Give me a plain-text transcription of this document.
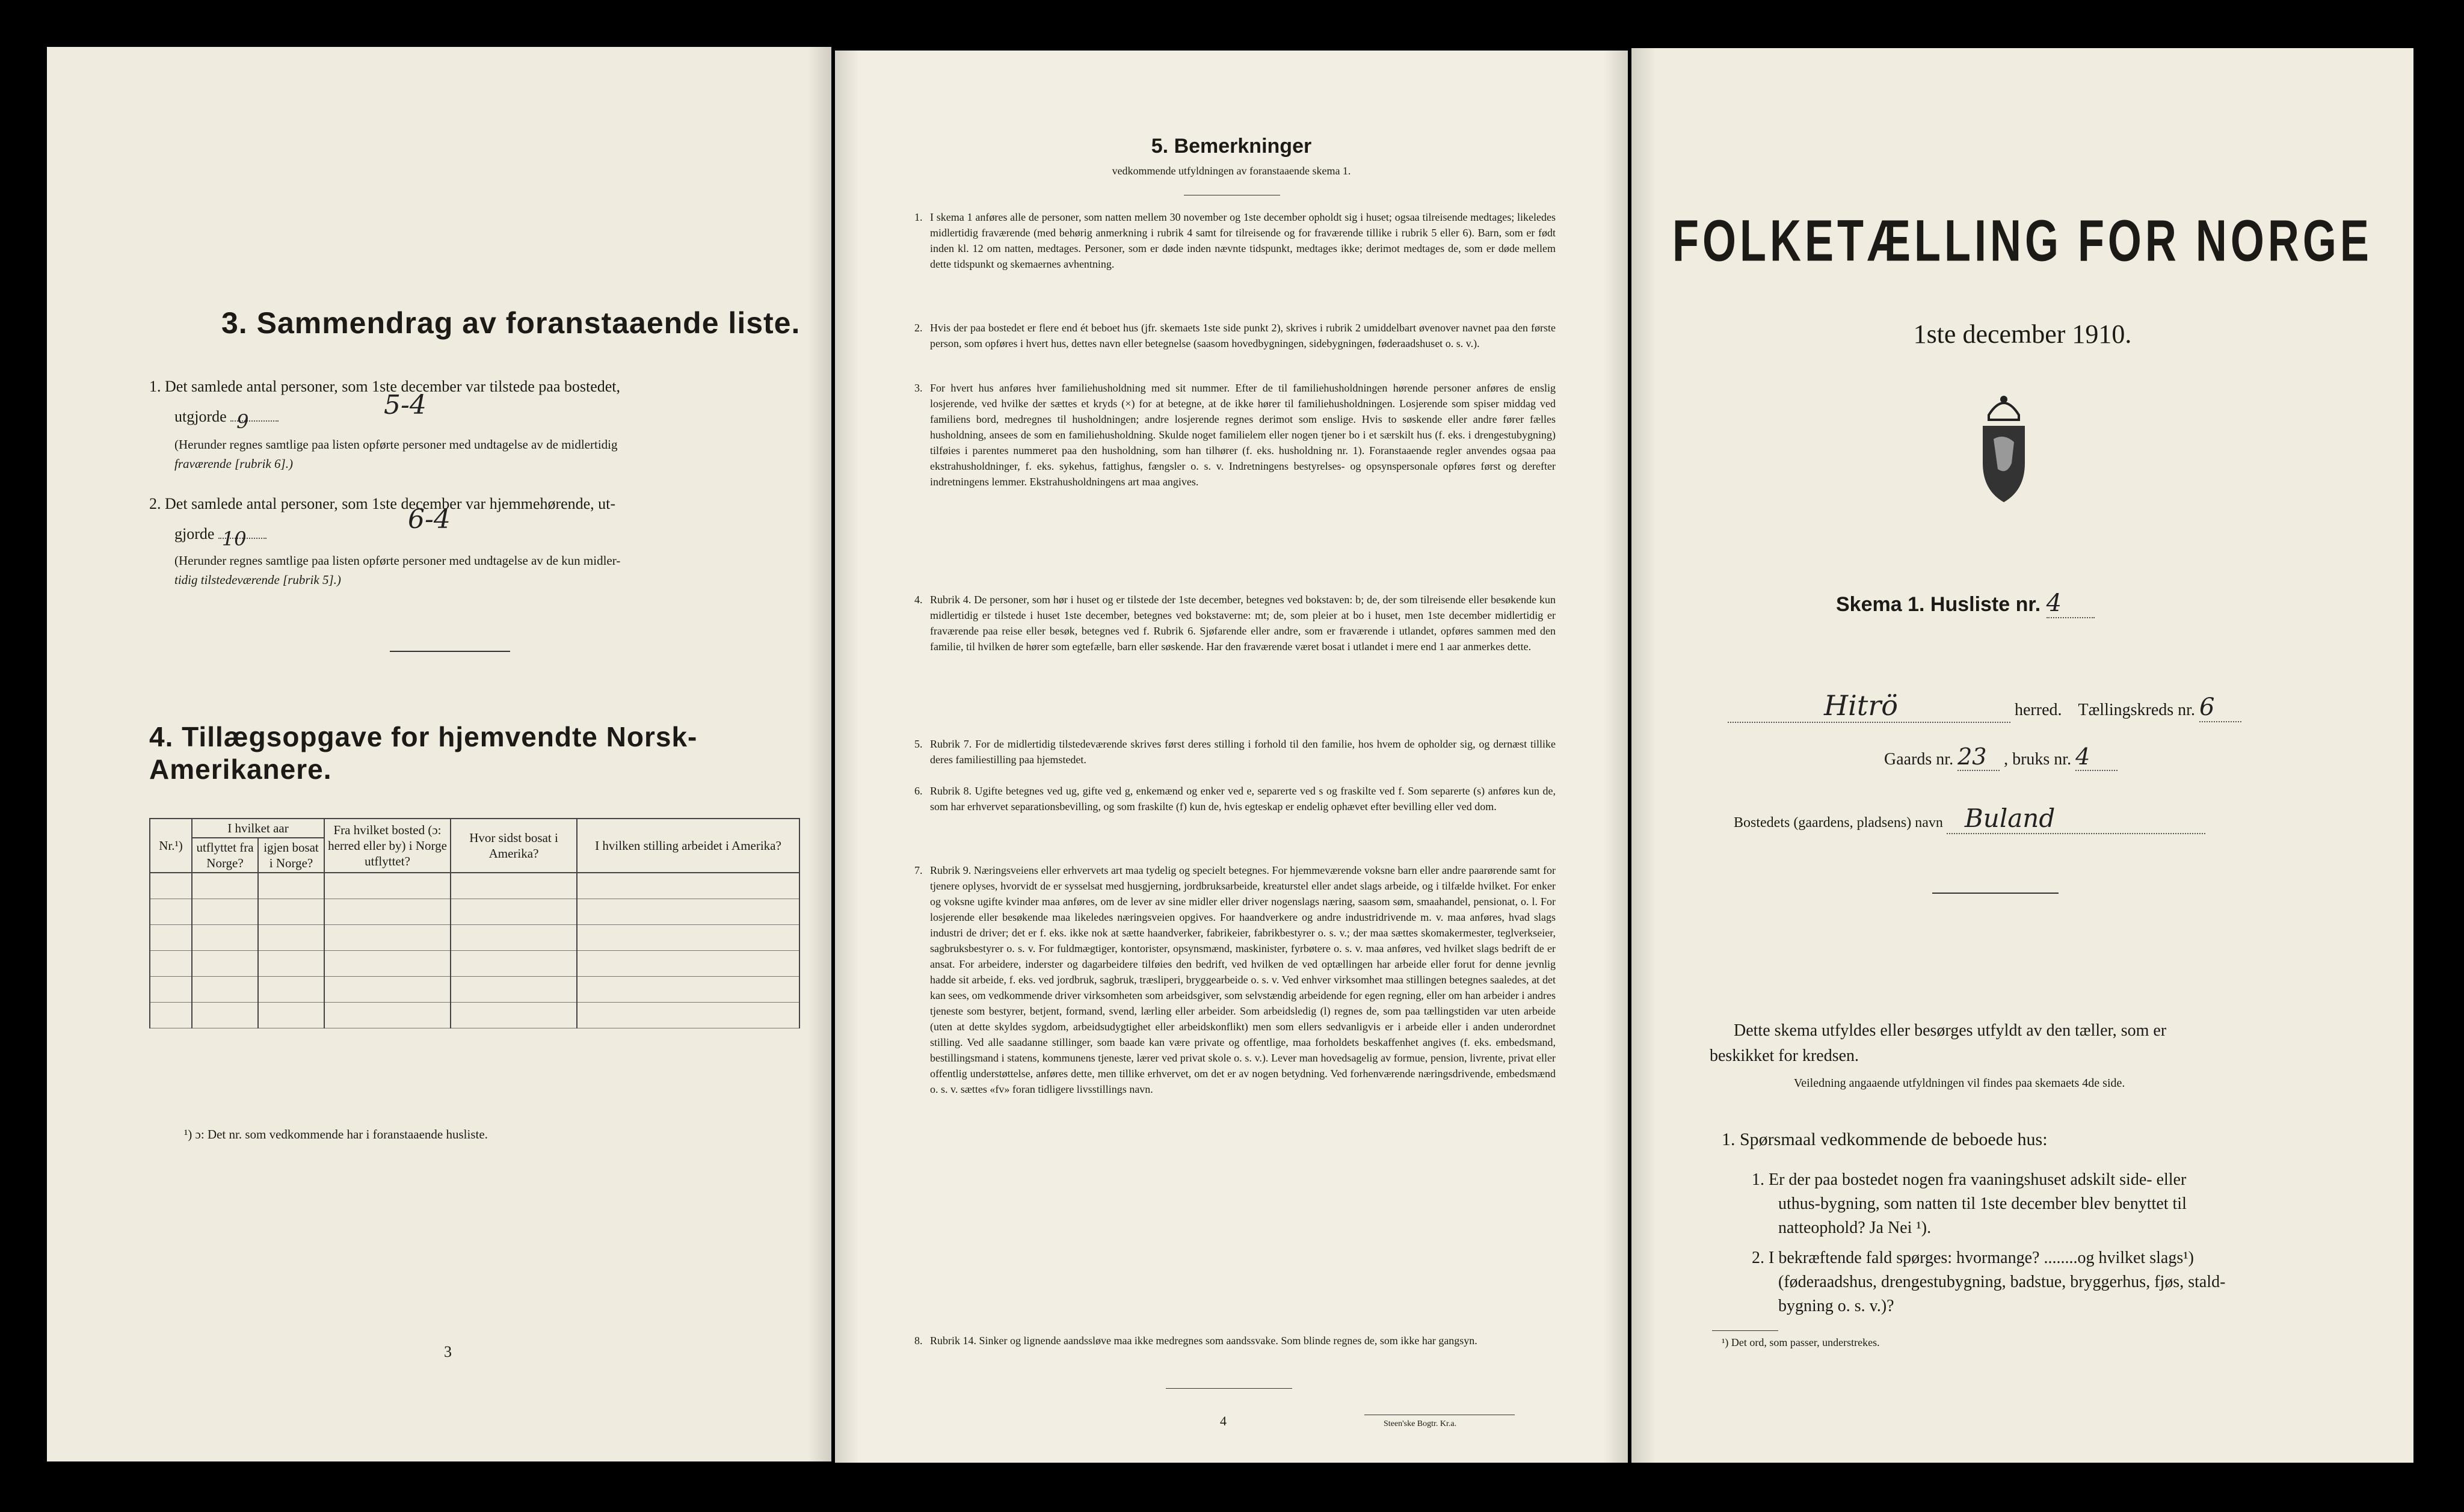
3. Sammendrag av foranstaaende liste.
1. Det samlede antal personer, som 1ste december var tilstede paa bostedet,
utgjorde 9
5-4
(Herunder regnes samtlige paa listen opførte personer med undtagelse av de midlertidig
fraværende [rubrik 6].)
2. Det samlede antal personer, som 1ste december var hjemmehørende, ut-
gjorde 10
6-4
(Herunder regnes samtlige paa listen opførte personer med undtagelse av de kun midler-
tidig tilstedeværende [rubrik 5].)
4. Tillægsopgave for hjemvendte Norsk-Amerikanere.
Nr.¹)	I hvilket aar		Fra hvilket bosted (ɔ: herred eller by) i Norge utflyttet?	Hvor sidst bosat i Amerika?	I hvilken stilling arbeidet i Amerika?
	utflyttet fra Norge?	igjen bosat i Norge?			

¹) ɔ: Det nr. som vedkommende har i foranstaaende husliste.
3
5. Bemerkninger
vedkommende utfyldningen av foranstaaende skema 1.
1. I skema 1 anføres alle de personer, som natten mellem 30 november og 1ste december opholdt sig i huset; ogsaa tilreisende medtages; likeledes midlertidig fraværende (med behørig anmerkning i rubrik 4 samt for tilreisende og for fraværende tillike i rubrik 5 eller 6). Barn, som er født inden kl. 12 om natten, medtages. Personer, som er døde inden nævnte tidspunkt, medtages ikke; derimot medtages de, som er døde mellem dette tidspunkt og skemaernes avhentning.
2. Hvis der paa bostedet er flere end ét beboet hus (jfr. skemaets 1ste side punkt 2), skrives i rubrik 2 umiddelbart øvenover navnet paa den første person, som opføres i hvert hus, dettes navn eller betegnelse (saasom hovedbygningen, sidebygningen, føderaadshuset o. s. v.).
3. For hvert hus anføres hver familiehusholdning med sit nummer. Efter de til familiehusholdningen hørende personer anføres de enslig losjerende, ved hvilke der sættes et kryds (×) for at betegne, at de ikke hører til familiehusholdningen. Losjerende som spiser middag ved familiens bord, medregnes til husholdningen; andre losjerende regnes derimot som enslige. Hvis to søskende eller andre fører fælles husholdning, ansees de som en familiehusholdning. Skulde noget familielem eller nogen tjener bo i et særskilt hus (f. eks. i drengestubygning) tilføies i parentes nummeret paa den husholdning, som han tilhører (f. eks. husholdning nr. 1). Foranstaaende regler anvendes ogsaa paa ekstrahusholdninger, f. eks. sykehus, fattighus, fængsler o. s. v. Indretningens bestyrelses- og opsynspersonale opføres først og derefter indretningens lemmer. Ekstrahusholdningens art maa angives.
4. Rubrik 4. De personer, som hør i huset og er tilstede der 1ste december, betegnes ved bokstaven: b; de, der som tilreisende eller besøkende kun midlertidig er tilstede i huset 1ste december, betegnes ved bokstaverne: mt; de, som pleier at bo i huset, men 1ste december midlertidig er fraværende paa reise eller besøk, betegnes ved f. Rubrik 6. Sjøfarende eller andre, som er fraværende i utlandet, opføres sammen med den familie, til hvilken de hører som egtefælle, barn eller søskende. Har den fraværende været bosat i utlandet i mere end 1 aar anmerkes dette.
5. Rubrik 7. For de midlertidig tilstedeværende skrives først deres stilling i forhold til den familie, hos hvem de opholder sig, og dernæst tillike deres familiestilling paa hjemstedet.
6. Rubrik 8. Ugifte betegnes ved ug, gifte ved g, enkemænd og enker ved e, separerte ved s og fraskilte ved f. Som separerte (s) anføres kun de, som har erhvervet separationsbevilling, og som fraskilte (f) kun de, hvis egteskap er endelig ophævet efter bevilling eller ved dom.
7. Rubrik 9. Næringsveiens eller erhvervets art maa tydelig og specielt betegnes. For hjemmeværende voksne barn eller andre paarørende samt for tjenere oplyses, hvorvidt de er sysselsat med husgjerning, jordbruksarbeide, kreaturstel eller andet slags arbeide, og i tilfælde hvilket. For enker og voksne ugifte kvinder maa anføres, om de lever av sine midler eller driver nogenslags næring, saasom søm, smaahandel, pensionat, o. l. For losjerende eller besøkende maa likeledes næringsveien opgives. For haandverkere og andre industridrivende m. v. maa anføres, hvad slags industri de driver; det er f. eks. ikke nok at sætte haandverker, fabrikeier, fabrikbestyrer o. s. v.; der maa sættes skomakermester, teglverkseier, sagbruksbestyrer o. s. v. For fuldmægtiger, kontorister, opsynsmænd, maskinister, fyrbøtere o. s. v. maa anføres, ved hvilket slags bedrift de er ansat. For arbeidere, inderster og dagarbeidere tilføies den bedrift, ved hvilken de ved optællingen har arbeide eller forut for denne jevnlig hadde sit arbeide, f. eks. ved jordbruk, sagbruk, træsliperi, bryggearbeide o. s. v. Ved enhver virksomhet maa stillingen betegnes saaledes, at det kan sees, om vedkommende driver virksomheten som arbeidsgiver, som selvstændig arbeidende for egen regning, eller om han arbeider i andres tjeneste som bestyrer, betjent, formand, svend, lærling eller arbeider. Som arbeidsledig (l) regnes de, som paa tællingstiden var uten arbeide (uten at dette skyldes sygdom, arbeidsudygtighet eller arbeidskonflikt) men som ellers sedvanligvis er i arbeide eller i anden underordnet stilling. Ved alle saadanne stillinger, som baade kan være private og offentlige, maa forholdets beskaffenhet angives (f. eks. embedsmand, bestillingsmand i statens, kommunens tjeneste, lærer ved privat skole o. s. v.). Lever man hovedsagelig av formue, pension, livrente, privat eller offentlig understøttelse, anføres dette, men tillike erhvervet, om det er av nogen betydning. Ved forhenværende næringsdrivende, embedsmænd o. s. v. sættes «fv» foran tidligere livsstillings navn.
8. Rubrik 14. Sinker og lignende aandssløve maa ikke medregnes som aandssvake. Som blinde regnes de, som ikke har gangsyn.
4	Steen'ske Bogtr. Kr.a.
FOLKETÆLLING FOR NORGE
1ste december 1910.
Skema 1. Husliste nr. 4
Hitrö	herred. Tællingskreds nr. 6
Gaards nr. 23 , bruks nr. 4
Bostedets (gaardens, pladsens) navn Buland
Dette skema utfyldes eller besørges utfyldt av den tæller, som er
beskikket for kredsen.
Veiledning angaaende utfyldningen vil findes paa skemaets 4de side.
1. Spørsmaal vedkommende de beboede hus:
1. Er der paa bostedet nogen fra vaaningshuset adskilt side- eller
uthus-bygning, som natten til 1ste december blev benyttet til
natteophold? Ja Nei ¹).
2. I bekræftende fald spørges: hvormange? ........og hvilket slags¹)
(føderaadshus, drengestubygning, badstue, bryggerhus, fjøs, stald-
bygning o. s. v.)?
¹) Det ord, som passer, understrekes.
